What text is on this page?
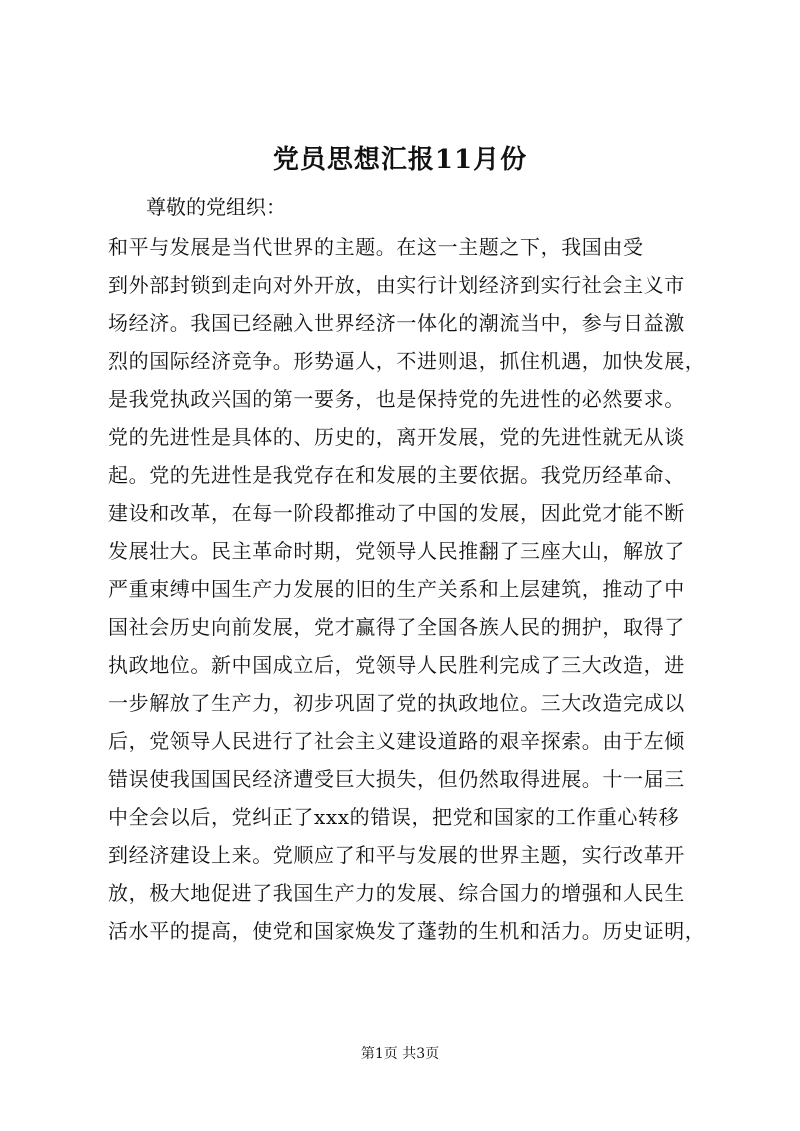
党员思想汇报11月份
尊敬的党组织：
和平与发展是当代世界的主题。在这一主题之下，我国由受
到外部封锁到走向对外开放，由实行计划经济到实行社会主义市
场经济。我国已经融入世界经济一体化的潮流当中，参与日益激
烈的国际经济竞争。形势逼人，不进则退，抓住机遇，加快发展，
是我党执政兴国的第一要务，也是保持党的先进性的必然要求。
党的先进性是具体的、历史的，离开发展，党的先进性就无从谈
起。党的先进性是我党存在和发展的主要依据。我党历经革命、
建设和改革，在每一阶段都推动了中国的发展，因此党才能不断
发展壮大。民主革命时期，党领导人民推翻了三座大山，解放了
严重束缚中国生产力发展的旧的生产关系和上层建筑，推动了中
国社会历史向前发展，党才赢得了全国各族人民的拥护，取得了
执政地位。新中国成立后，党领导人民胜利完成了三大改造，进
一步解放了生产力，初步巩固了党的执政地位。三大改造完成以
后，党领导人民进行了社会主义建设道路的艰辛探索。由于左倾
错误使我国国民经济遭受巨大损失，但仍然取得进展。十一届三
中全会以后，党纠正了xxx的错误，把党和国家的工作重心转移
到经济建设上来。党顺应了和平与发展的世界主题，实行改革开
放，极大地促进了我国生产力的发展、综合国力的增强和人民生
活水平的提高，使党和国家焕发了蓬勃的生机和活力。历史证明，
第1页 共3页
